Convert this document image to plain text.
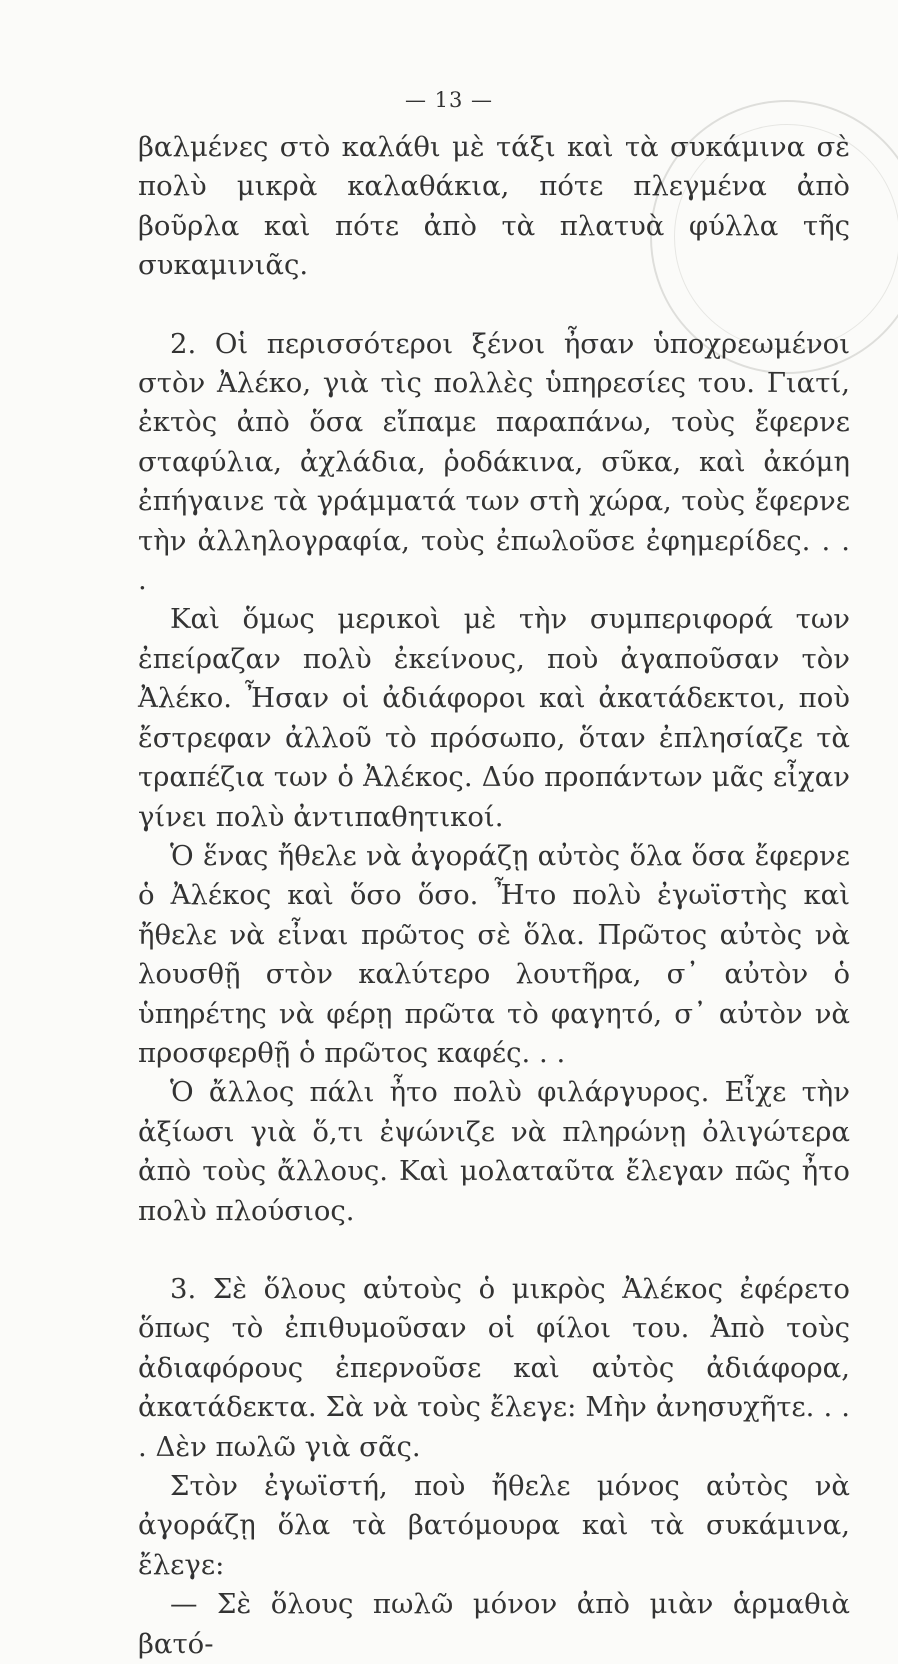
— 13 —

βαλμένες στὸ καλάθι μὲ τάξι καὶ τὰ συκάμινα σὲ πολὺ μικρὰ καλαθάκια, πότε πλεγμένα ἀπὸ βοῦρλα καὶ πότε ἀπὸ τὰ πλατυὰ φύλλα τῆς συκαμινιᾶς.

2. Οἱ περισσότεροι ξένοι ἦσαν ὑποχρεωμένοι στὸν Ἀλέκο, γιὰ τὶς πολλὲς ὑπηρεσίες του. Γιατί, ἐκτὸς ἀπὸ ὅσα εἴπαμε παραπάνω, τοὺς ἔφερνε σταφύλια, ἀχλάδια, ῥοδάκινα, σῦκα, καὶ ἀκόμη ἐπήγαινε τὰ γράμματά των στὴ χώρα, τοὺς ἔφερνε τὴν ἀλληλογραφία, τοὺς ἐπωλοῦσε ἐφημερίδες. . . .

Καὶ ὅμως μερικοὶ μὲ τὴν συμπεριφορά των ἐπείραζαν πολὺ ἐκείνους, ποὺ ἀγαποῦσαν τὸν Ἀλέκο. Ἦσαν οἱ ἀδιάφοροι καὶ ἀκατάδεκτοι, ποὺ ἔστρεφαν ἀλλοῦ τὸ πρόσωπο, ὅταν ἐπλησίαζε τὰ τραπέζια των ὁ Ἀλέκος. Δύο προπάντων μᾶς εἶχαν γίνει πολὺ ἀντιπαθητικοί.

Ὁ ἕνας ἤθελε νὰ ἀγοράζῃ αὐτὸς ὅλα ὅσα ἔφερνε ὁ Ἀλέκος καὶ ὅσο ὅσο. Ἦτο πολὺ ἐγωϊστὴς καὶ ἤθελε νὰ εἶναι πρῶτος σὲ ὅλα. Πρῶτος αὐτὸς νὰ λουσθῇ στὸν καλύτερο λουτῆρα, σ᾽ αὐτὸν ὁ ὑπηρέτης νὰ φέρῃ πρῶτα τὸ φαγητό, σ᾽ αὐτὸν νὰ προσφερθῇ ὁ πρῶτος καφές. . .

Ὁ ἄλλος πάλι ἦτο πολὺ φιλάργυρος. Εἶχε τὴν ἀξίωσι γιὰ ὅ,τι ἐψώνιζε νὰ πληρώνῃ ὀλιγώτερα ἀπὸ τοὺς ἄλλους. Καὶ μολαταῦτα ἔλεγαν πῶς ἦτο πολὺ πλούσιος.

3. Σὲ ὅλους αὐτοὺς ὁ μικρὸς Ἀλέκος ἐφέρετο ὅπως τὸ ἐπιθυμοῦσαν οἱ φίλοι του. Ἀπὸ τοὺς ἀδιαφόρους ἐπερνοῦσε καὶ αὐτὸς ἀδιάφορα, ἀκατάδεκτα. Σὰ νὰ τοὺς ἔλεγε: Μὴν ἀνησυχῆτε. . . . Δὲν πωλῶ γιὰ σᾶς.

Στὸν ἐγωϊστή, ποὺ ἤθελε μόνος αὐτὸς νὰ ἀγοράζῃ ὅλα τὰ βατόμουρα καὶ τὰ συκάμινα, ἔλεγε:

— Σὲ ὅλους πωλῶ μόνον ἀπὸ μιὰν ἁρμαθιὰ βατό-
